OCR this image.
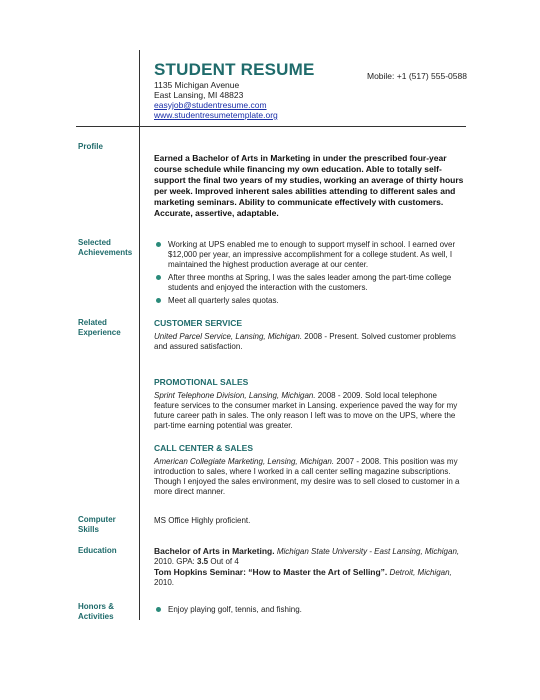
STUDENT RESUME	Mobile: +1 (517) 555-0588
1135 Michigan Avenue
East Lansing, MI 48823
easyjob@studentresume.com
www.studentresumetemplate.org
Profile
Earned a Bachelor of Arts in Marketing in under the prescribed four-year course schedule while financing my own education. Able to totally self-support the final two years of my studies, working an average of thirty hours per week. Improved inherent sales abilities attending to different sales and marketing seminars. Ability to communicate effectively with customers. Accurate, assertive, adaptable.
Selected
Achievements
Working at UPS enabled me to enough to support myself in school. I earned over $12,000 per year, an impressive accomplishment for a college student. As well, I maintained the highest production average at our center.
After three months at Spring, I was the sales leader among the part-time college students and enjoyed the interaction with the customers.
Meet all quarterly sales quotas.
Related
Experience
CUSTOMER SERVICE
United Parcel Service, Lansing, Michigan. 2008 - Present. Solved customer problems and assured satisfaction.
PROMOTIONAL SALES
Sprint Telephone Division, Lansing, Michigan. 2008 - 2009. Sold local telephone feature services to the consumer market in Lansing. experience paved the way for my future career path in sales. The only reason I left was to move on the UPS, where the part-time earning potential was greater.
CALL CENTER & SALES
American Collegiate Marketing, Lensing, Michigan. 2007 - 2008. This position was my introduction to sales, where I worked in a call center selling magazine subscriptions. Though I enjoyed the sales environment, my desire was to sell closed to customer in a more direct manner.
Computer
Skills
MS Office Highly proficient.
Education	Bachelor of Arts in Marketing. Michigan State University - East Lansing, Michigan, 2010. GPA: 3.5 Out of 4
Tom Hopkins Seminar: “How to Master the Art of Selling”. Detroit, Michigan, 2010.
Honors &
Activities
Enjoy playing golf, tennis, and fishing.
